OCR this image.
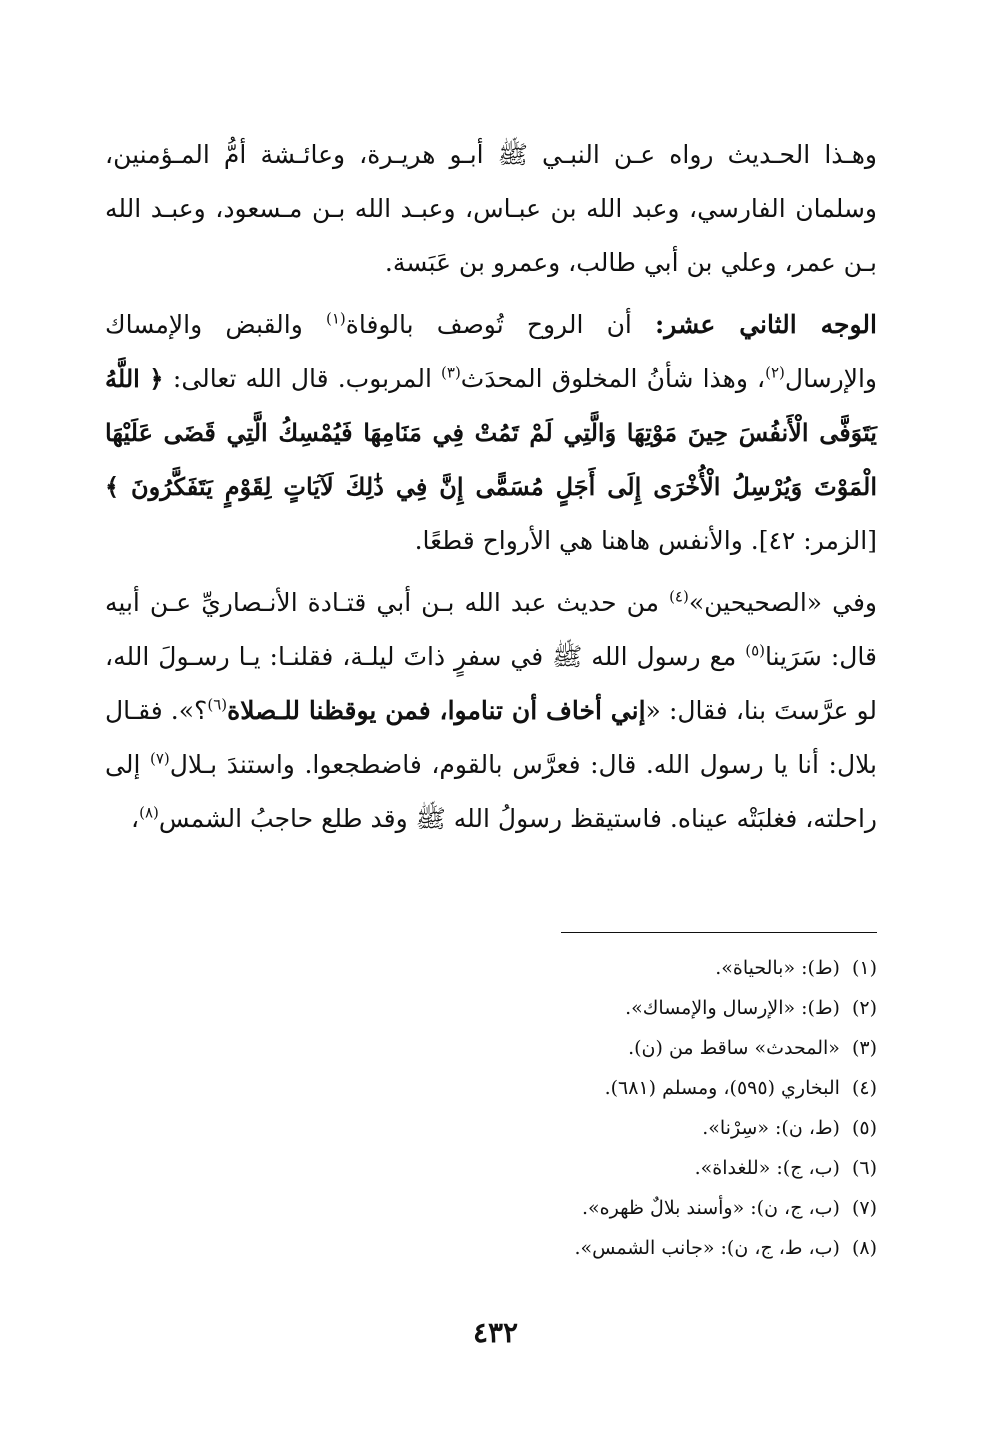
وهـذا الحـديث رواه عـن النبـي ﷺ أبـو هريـرة، وعائـشة أمُّ المـؤمنين، وسلمان الفارسي، وعبد الله بن عبـاس، وعبـد الله بـن مـسعود، وعبـد الله بـن عمر، وعلي بن أبي طالب، وعمرو بن عَبَسة.

الوجه الثاني عشر: أن الروح تُوصف بالوفاة$^{(١)}$ والقبض والإمساك والإرسال$^{(٢)}$، وهذا شأنُ المخلوق المحدَث$^{(٣)}$ المربوب. قال الله تعالى: ﴿ اللَّهُ يَتَوَفَّى الْأَنفُسَ حِينَ مَوْتِهَا وَالَّتِي لَمْ تَمُتْ فِي مَنَامِهَا فَيُمْسِكُ الَّتِي قَضَى عَلَيْهَا الْمَوْتَ وَيُرْسِلُ الْأُخْرَى إِلَى أَجَلٍ مُسَمًّى إِنَّ فِي ذَٰلِكَ لَآيَاتٍ لِقَوْمٍ يَتَفَكَّرُونَ ﴾ [الزمر: ٤٢]. والأنفس هاهنا هي الأرواح قطعًا.

وفي «الصحيحين»$^{(٤)}$ من حديث عبد الله بـن أبي قتـادة الأنـصاريِّ عـن أبيه قال: سَرَينا$^{(٥)}$ مع رسول الله ﷺ في سفرٍ ذاتَ ليلـة، فقلنـا: يـا رسـولَ الله، لو عرَّستَ بنا، فقال: «إني أخاف أن تناموا، فمن يوقظنا للـصلاة$^{(٦)}$؟». فقـال بلال: أنا يا رسول الله. قال: فعرَّس بالقوم، فاضطجعوا. واستندَ بـلال$^{(٧)}$ إلى راحلته، فغلبَتْه عيناه. فاستيقظ رسولُ الله ﷺ وقد طلع حاجبُ الشمس$^{(٨)}$،

(١)(ط): «بالحياة».
(٢)(ط): «الإرسال والإمساك».
(٣)«المحدث» ساقط من (ن).
(٤)البخاري (٥٩٥)، ومسلم (٦٨١).
(٥)(ط، ن): «سِرْنا».
(٦)(ب، ج): «للغداة».
(٧)(ب، ج، ن): «وأسند بلالٌ ظهره».
(٨)(ب، ط، ج، ن): «جانب الشمس».
٤٣٢
